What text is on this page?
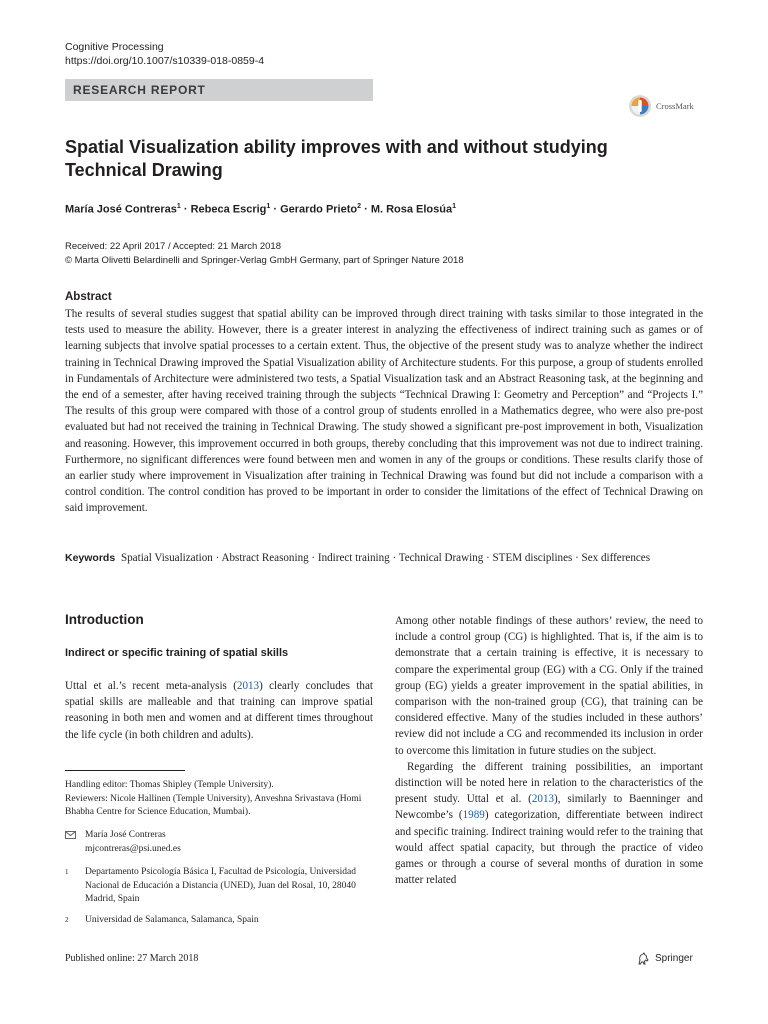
Cognitive Processing
https://doi.org/10.1007/s10339-018-0859-4
RESEARCH REPORT
CrossMark
Spatial Visualization ability improves with and without studying Technical Drawing
María José Contreras$^1$ · Rebeca Escrig$^1$ · Gerardo Prieto$^2$ · M. Rosa Elosúa$^1$
Received: 22 April 2017 / Accepted: 21 March 2018
© Marta Olivetti Belardinelli and Springer-Verlag GmbH Germany, part of Springer Nature 2018
Abstract
The results of several studies suggest that spatial ability can be improved through direct training with tasks similar to those integrated in the tests used to measure the ability. However, there is a greater interest in analyzing the effectiveness of indirect training such as games or of learning subjects that involve spatial processes to a certain extent. Thus, the objective of the present study was to analyze whether the indirect training in Technical Drawing improved the Spatial Visualization ability of Architecture students. For this purpose, a group of students enrolled in Fundamentals of Architecture were administered two tests, a Spatial Visualization task and an Abstract Reasoning task, at the beginning and the end of a semester, after having received training through the subjects “Technical Drawing I: Geometry and Perception” and “Projects I.” The results of this group were compared with those of a control group of students enrolled in a Mathematics degree, who were also pre-post evaluated but had not received the training in Technical Drawing. The study showed a significant pre-post improvement in both, Visualization and reasoning. However, this improvement occurred in both groups, thereby concluding that this improvement was not due to indirect training. Furthermore, no significant differences were found between men and women in any of the groups or conditions. These results clarify those of an earlier study where improvement in Visualization after training in Technical Drawing was found but did not include a comparison with a control condition. The control condition has proved to be important in order to consider the limitations of the effect of Technical Drawing on said improvement.
Keywords Spatial Visualization · Abstract Reasoning · Indirect training · Technical Drawing · STEM disciplines · Sex differences
Introduction
Indirect or specific training of spatial skills
Uttal et al.’s recent meta-analysis (2013) clearly concludes that spatial skills are malleable and that training can improve spatial reasoning in both men and women and at different times throughout the life cycle (in both children and adults).
Handling editor: Thomas Shipley (Temple University).
Reviewers: Nicole Hallinen (Temple University), Anveshna Srivastava (Homi Bhabha Centre for Science Education, Mumbai).
María José Contreras
mjcontreras@psi.uned.es
1 Departamento Psicología Básica I, Facultad de Psicología, Universidad Nacional de Educación a Distancia (UNED), Juan del Rosal, 10, 28040 Madrid, Spain
2 Universidad de Salamanca, Salamanca, Spain

Among other notable findings of these authors’ review, the need to include a control group (CG) is highlighted. That is, if the aim is to demonstrate that a certain training is effective, it is necessary to compare the experimental group (EG) with a CG. Only if the trained group (EG) yields a greater improvement in the spatial abilities, in comparison with the non-trained group (CG), that training can be considered effective. Many of the studies included in these authors’ review did not include a CG and recommended its inclusion in order to overcome this limitation in future studies on the subject.

Regarding the different training possibilities, an important distinction will be noted here in relation to the characteristics of the present study. Uttal et al. (2013), similarly to Baenninger and Newcombe’s (1989) categorization, differentiate between indirect and specific training. Indirect training would refer to the training that would affect spatial capacity, but through the practice of video games or through a course of several months of duration in some matter related

Published online: 27 March 2018	Springer
